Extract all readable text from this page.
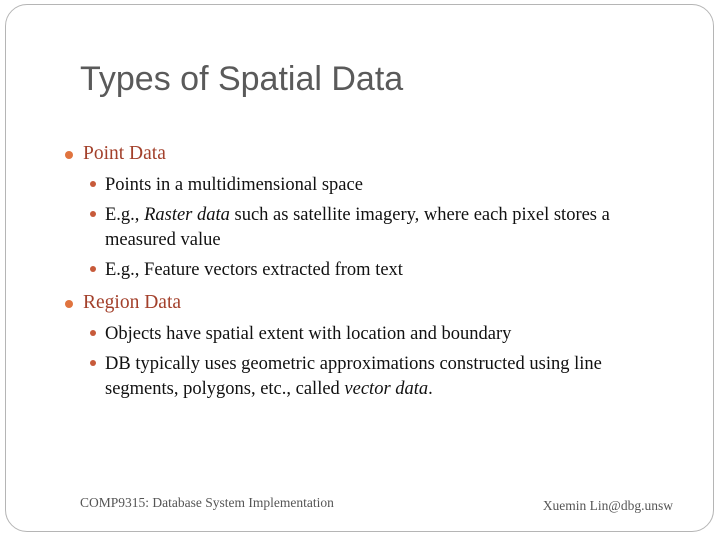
Types of Spatial Data
Point Data
Points in a multidimensional space
E.g., Raster data such as satellite imagery, where each pixel stores a
measured value
E.g., Feature vectors extracted from text
Region Data
Objects have spatial extent with location and boundary
DB typically uses geometric approximations constructed using line
segments, polygons, etc., called vector data.
COMP9315: Database System Implementation	Xuemin Lin@dbg.unsw
